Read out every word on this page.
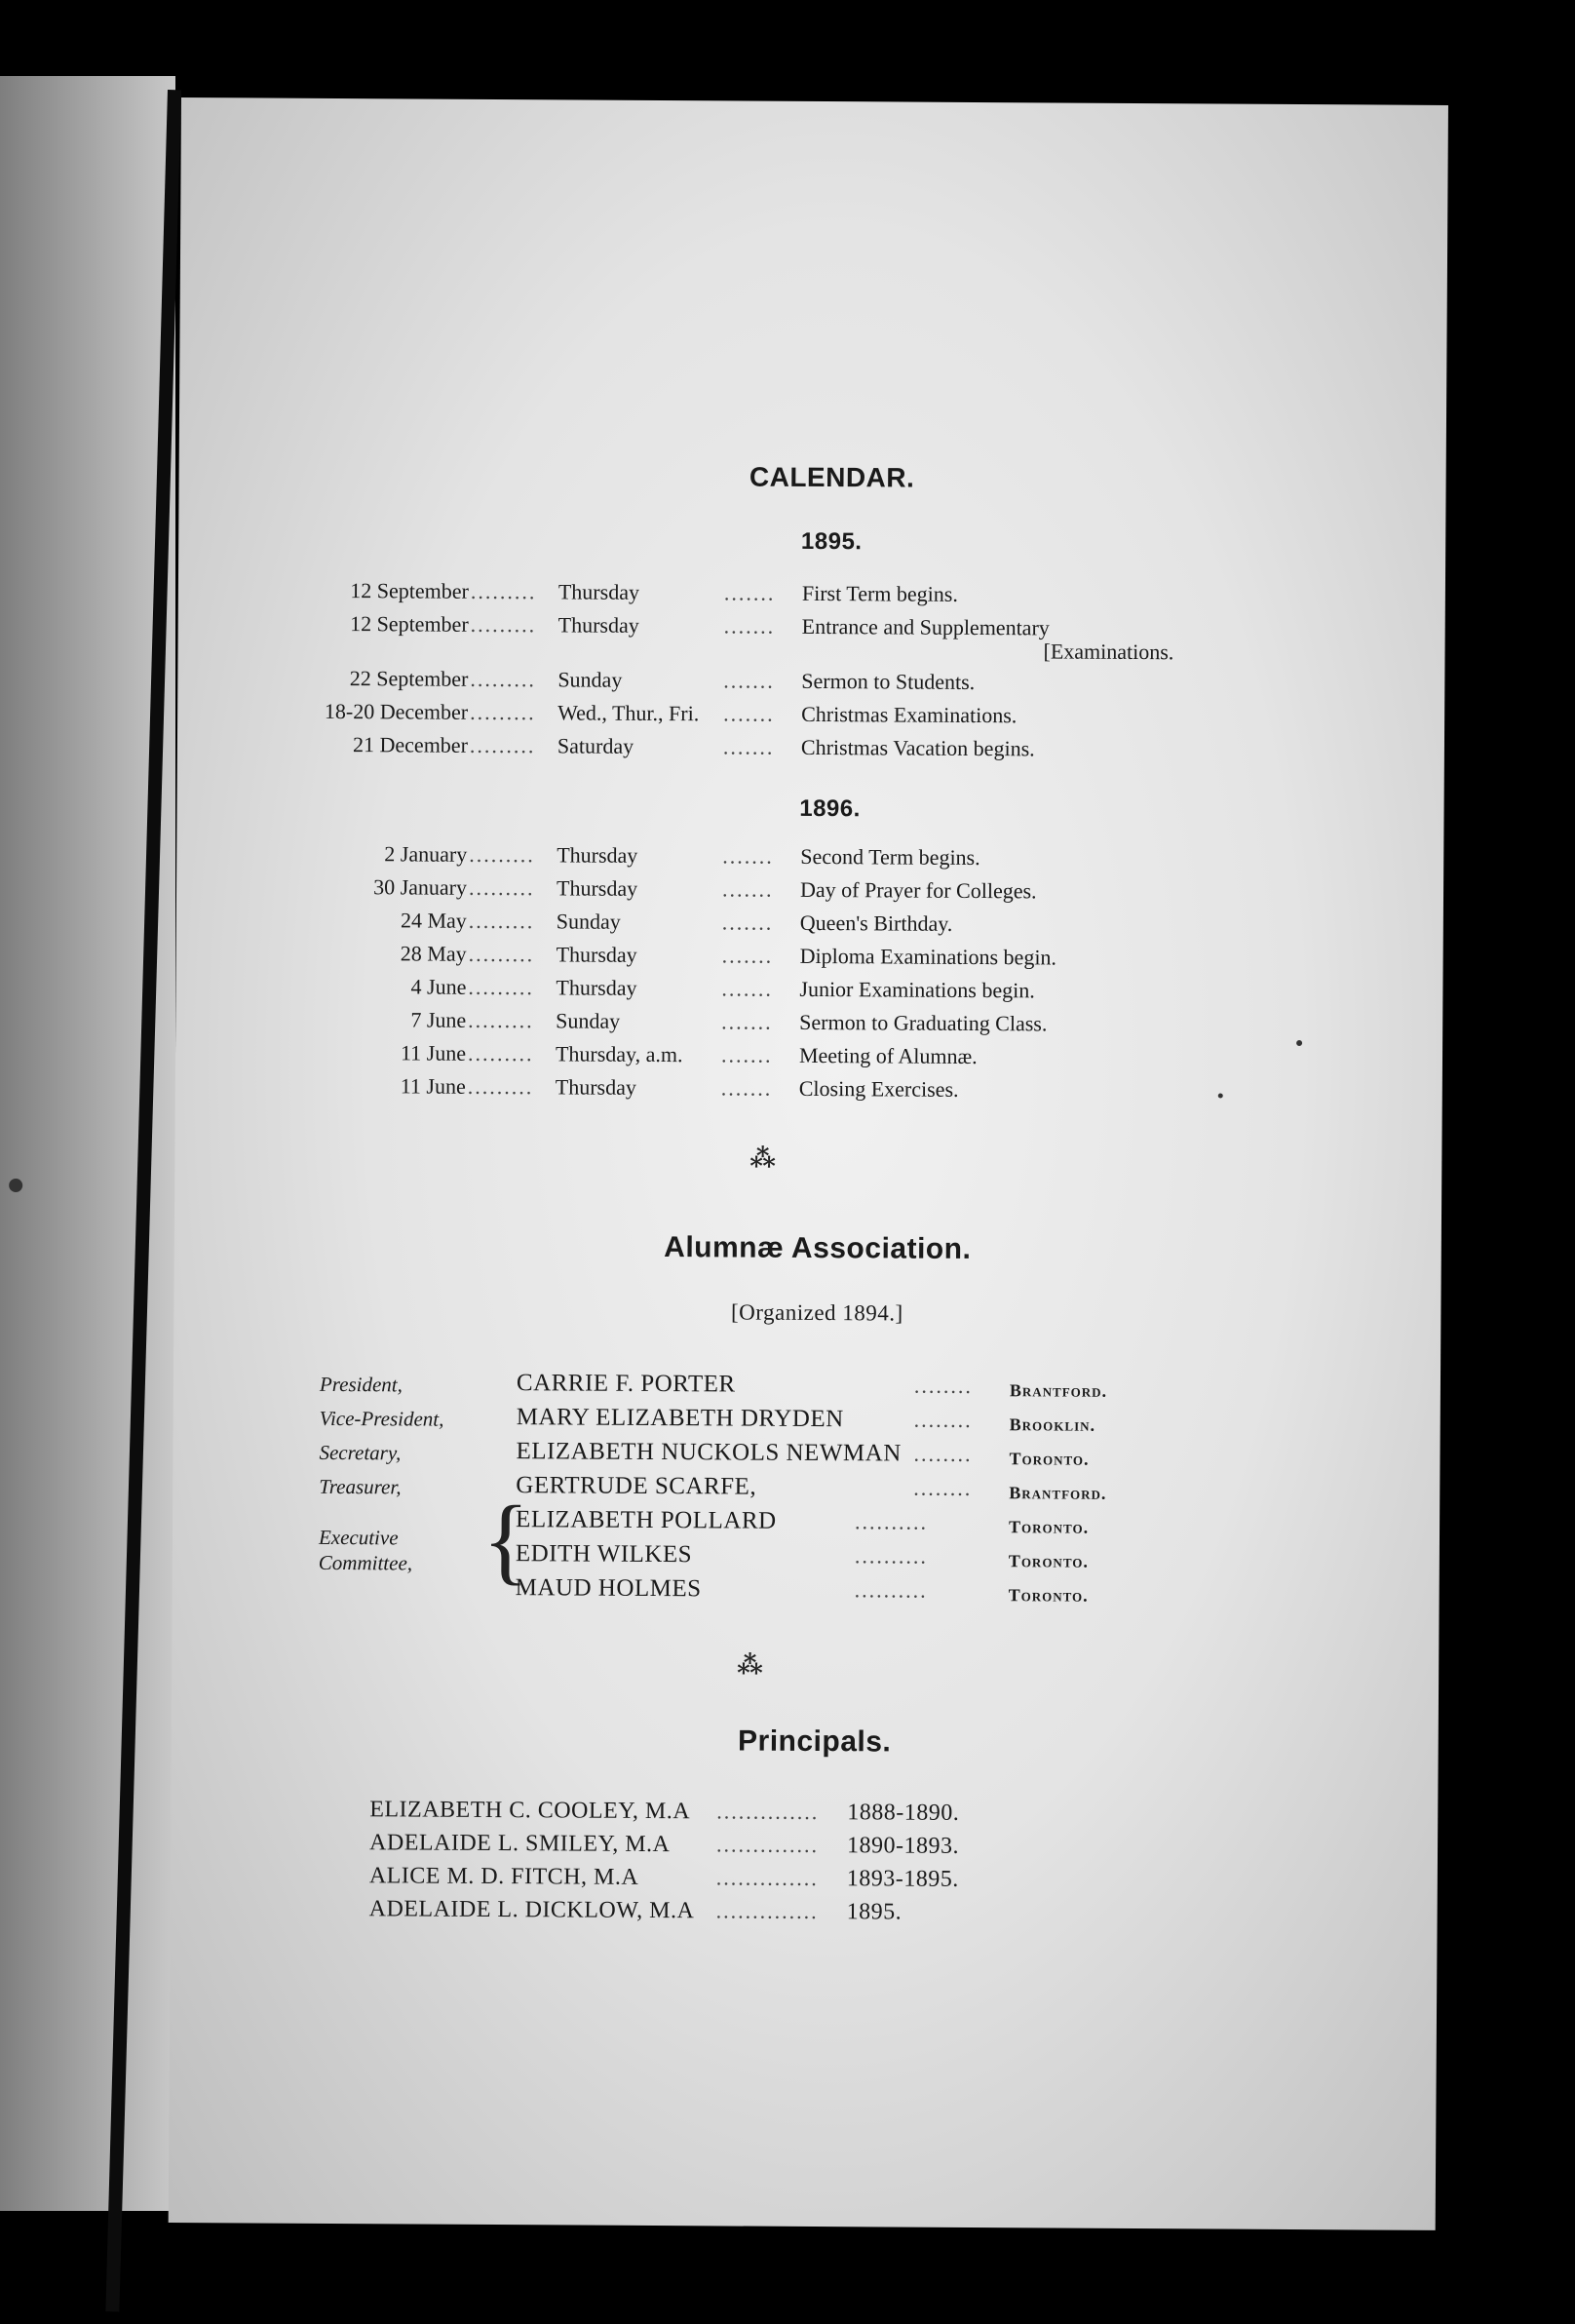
CALENDAR.
1895.
12 September ......... Thursday	....... First Term begins.
12 September ......... Thursday	....... Entrance and Supplementary
[Examinations.
22 September ......... Sunday	....... Sermon to Students.
18-20 December ......... Wed., Thur., Fri. ....... Christmas Examinations.
21 December ......... Saturday	....... Christmas Vacation begins.
1896.
2 January ......... Thursday	....... Second Term begins.
30 January ......... Thursday	....... Day of Prayer for Colleges.
24 May ......... Sunday	....... Queen's Birthday.
28 May ......... Thursday	....... Diploma Examinations begin.
4 June ......... Thursday	....... Junior Examinations begin.
7 June ......... Sunday	....... Sermon to Graduating Class.
11 June ......... Thursday, a.m. ....... Meeting of Alumnæ.
11 June ......... Thursday	....... Closing Exercises.
⁂
Alumnæ Association.
[Organized 1894.]
President,	CARRIE F. PORTER	........ Brantford.
Vice-President,	MARY ELIZABETH DRYDEN	........ Brooklin.
Secretary,	ELIZABETH NUCKOLS NEWMAN ........ Toronto.
Treasurer,	GERTRUDE SCARFE,	........ Brantford.
Executive
Committee, {
ELIZABETH POLLARD	..........	Toronto.
EDITH WILKES	..........	Toronto.
MAUD HOLMES	..........	Toronto.
⁂
Principals.
ELIZABETH C. COOLEY, M.A .............. 1888-1890.
ADELAIDE L. SMILEY, M.A .............. 1890-1893.
ALICE M. D. FITCH, M.A	.............. 1893-1895.
ADELAIDE L. DICKLOW, M.A .............. 1895.
